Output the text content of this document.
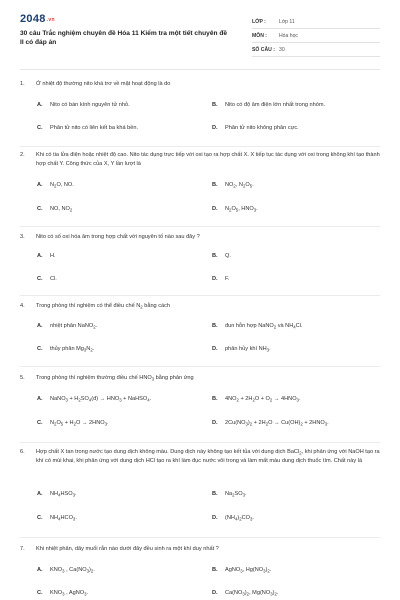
2048.vn
30 câu Trắc nghiệm chuyên đề Hóa 11 Kiểm tra một tiết chuyên đề II có đáp án
LỚP :	Lớp 11
MÔN :	Hóa học
SỐ CÂU : 30
1.	Ở nhiệt độ thường nito khá trơ về mặt hoạt động là do
A. Nito có bán kính nguyên tử nhỏ.	B. Nito có độ âm điện lớn nhất trong nhóm.
C. Phân tử nito có liên kết ba khá bền.	D. Phân tử nito không phân cực.
2.	Khi có tia lửa điện hoặc nhiệt độ cao. Nito tác dụng trực tiếp với oxi tạo ra hợp chất X. X tiếp tục tác dụng với oxi trong không khí tạo thành hợp chất Y. Công thức của X, Y lần lượt là
A. $N_2O$, NO.	B. $NO_2$, $N_2O_5$.
C. NO, $NO_2$	D. $N_2O_5$, $HNO_3$.
3.	Nito có số oxi hóa âm trong hợp chất với nguyên tố nào sau đây ?
A. H.	B. Q.
C. Cl.	D. F.
4.	Trong phòng thí nghiệm có thể điều chế $N_2$ bằng cách
A. nhiệt phân NaNO$_2$.	B. đun hỗn hợp NaNO$_2$ và $NH_4Cl$.
C. thủy phân $Mg_3N_2$.	D. phân hủy khí $NH_3$.
5.	Trong phòng thí nghiệm thường điều chế $HNO_3$ bằng phản ứng
A. NaNO$_3$ + $H_2SO_4(đ) \to HNO_3$ + NaHSO$_4$.	B. $4NO_2 + 2H_2O + O_2 \to 4HNO_3$.
C. $N_2O_5 + H_2O \to 2HNO_3$.	D. $2Cu(NO_3)_2 + 2H_2O \to Cu(OH)_2 + 2HNO_3$.
6.	Hợp chất X tan trong nước tạo dung dịch không màu. Dung dịch này không tạo kết tủa với dung dịch BaCl$_2$, khi phản ứng với NaOH tạo ra khí có mùi khai, khi phản ứng với dung dịch HCl tạo ra khí làm đục nước vôi trong và làm mất màu dung dịch thuốc tím. Chất này là
A. $NH_4HSO_3$.	B. $Na_2SO_3$.
C. $NH_4HCO_3$.	D. $(NH_4)_2CO_3$.
7.	Khi nhiệt phân, dãy muối rắn nào dưới đây đều sinh ra một khí duy nhất ?
A. $KNO_3$ , $Ca(NO_3)_2$.	B. AgNO$_3$, $Hg(NO_3)_2$.
C. $KNO_3$ , AgNO$_3$.	D. $Ca(NO_3)_2$, $Mg(NO_3)_2$.
